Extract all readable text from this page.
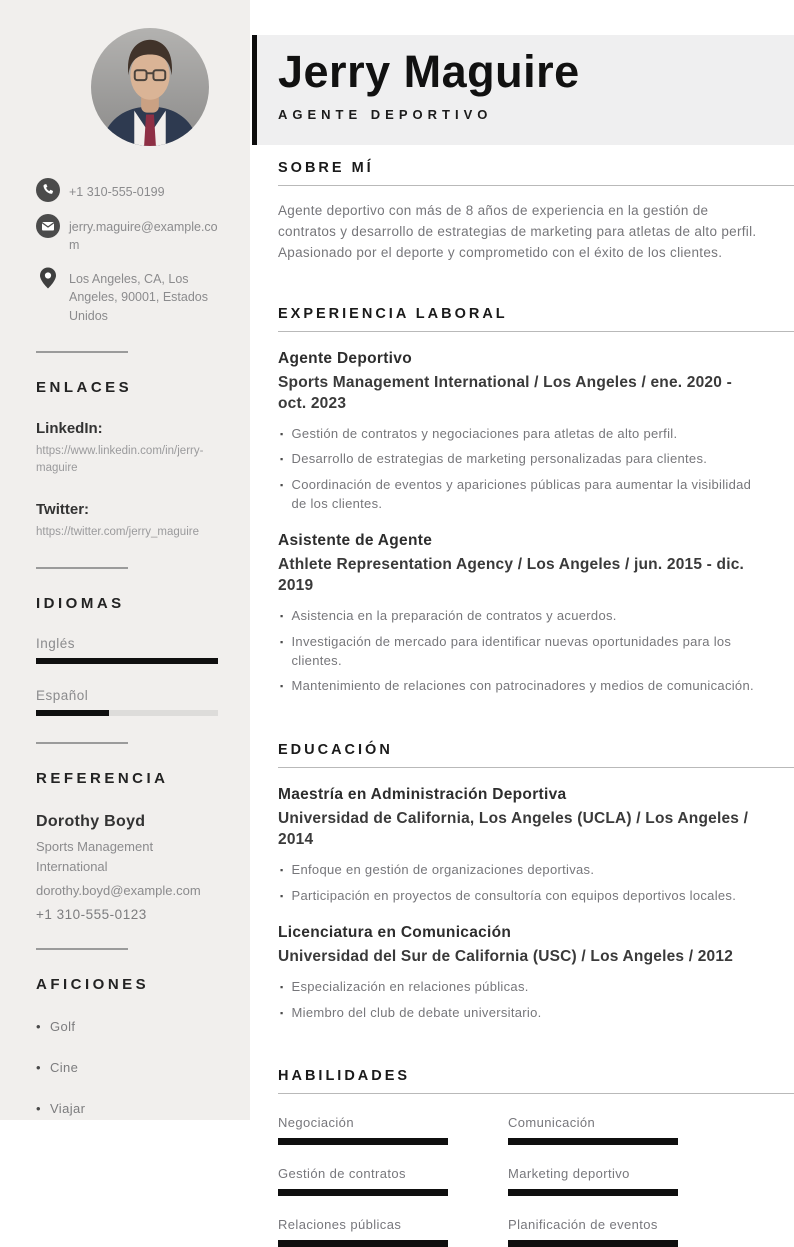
+1 310-555-0199
jerry.maguire@example.com
Los Angeles, CA, Los Angeles, 90001, Estados Unidos
ENLACES
LinkedIn:
https://www.linkedin.com/in/jerry-maguire
Twitter:
https://twitter.com/jerry_maguire
IDIOMAS
Inglés
Español
REFERENCIA
Dorothy Boyd
Sports Management International
dorothy.boyd@example.com
+1 310-555-0123
AFICIONES
• Golf
• Cine
• Viajar
Jerry Maguire
AGENTE DEPORTIVO
SOBRE MÍ

Agente deportivo con más de 8 años de experiencia en la gestión de contratos y desarrollo de estrategias de marketing para atletas de alto perfil. Apasionado por el deporte y comprometido con el éxito de los clientes.

EXPERIENCIA LABORAL
Agente Deportivo
Sports Management International / Los Angeles / ene. 2020 - oct. 2023
▪ Gestión de contratos y negociaciones para atletas de alto perfil.
▪ Desarrollo de estrategias de marketing personalizadas para clientes.
▪ Coordinación de eventos y apariciones públicas para aumentar la visibilidad de los clientes.
Asistente de Agente
Athlete Representation Agency / Los Angeles / jun. 2015 - dic. 2019
▪ Asistencia en la preparación de contratos y acuerdos.
▪ Investigación de mercado para identificar nuevas oportunidades para los clientes.
▪ Mantenimiento de relaciones con patrocinadores y medios de comunicación.
EDUCACIÓN
Maestría en Administración Deportiva
Universidad de California, Los Angeles (UCLA) / Los Angeles / 2014
▪ Enfoque en gestión de organizaciones deportivas.
▪ Participación en proyectos de consultoría con equipos deportivos locales.
Licenciatura en Comunicación
Universidad del Sur de California (USC) / Los Angeles / 2012
▪ Especialización en relaciones públicas.
▪ Miembro del club de debate universitario.
HABILIDADES
Negociación	Comunicación
Gestión de contratos	Marketing deportivo
Relaciones públicas	Planificación de eventos
